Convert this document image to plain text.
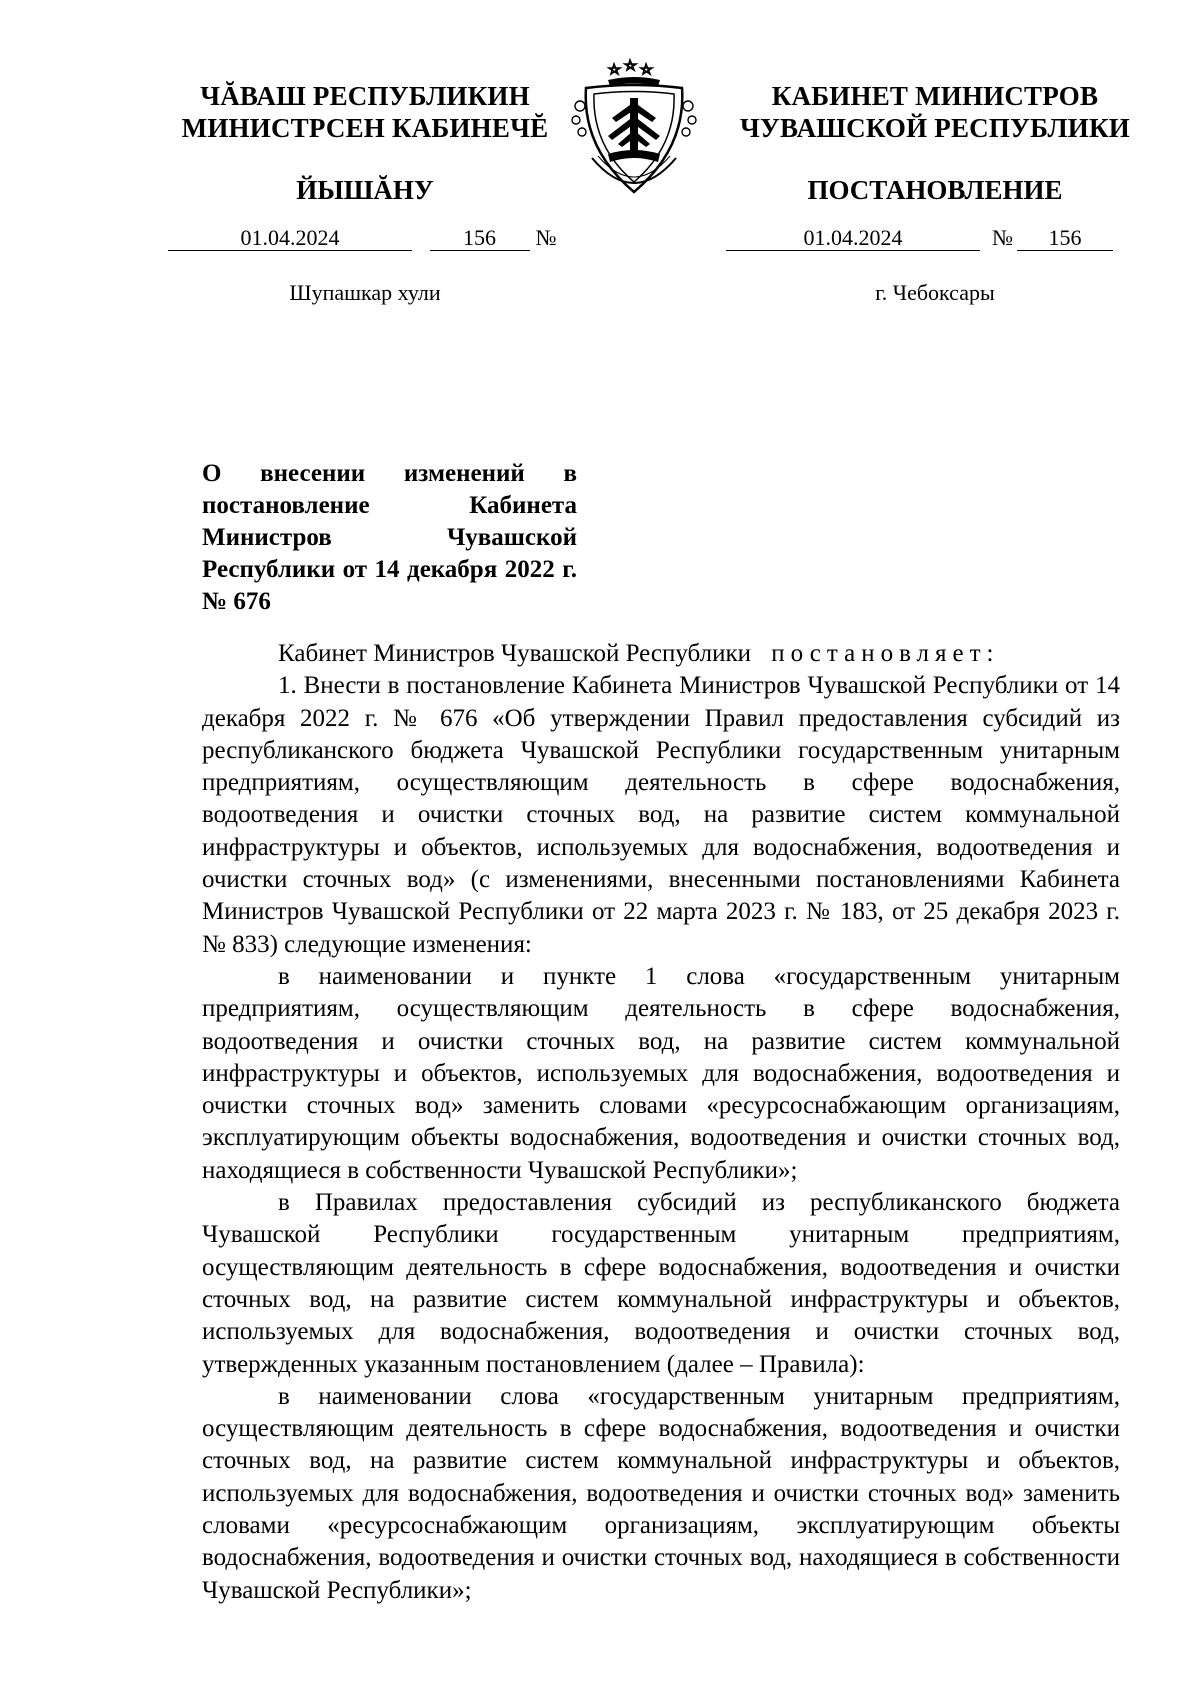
ЧĂВАШ РЕСПУБЛИКИН
МИНИСТРСЕН КАБИНЕЧĔ
ЙЫШĂНУ
КАБИНЕТ МИНИСТРОВ
ЧУВАШСКОЙ РЕСПУБЛИКИ
ПОСТАНОВЛЕНИЕ
01.04.2024	156 №	01.04.2024	№ 156
Шупашкар хули	г. Чебоксары
О внесении изменений в постановление Кабинета Министров Чувашской Республики от 14 декабря 2022 г. № 676

Кабинет Министров Чувашской Республики постановляет:

1. Внести в постановление Кабинета Министров Чувашской Республики от 14 декабря 2022 г. № 676 «Об утверждении Правил предоставления субсидий из республиканского бюджета Чувашской Республики государственным унитарным предприятиям, осуществляющим деятельность в сфере водоснабжения, водоотведения и очистки сточных вод, на развитие систем коммунальной инфраструктуры и объектов, используемых для водоснабжения, водоотведения и очистки сточных вод» (с изменениями, внесенными постановлениями Кабинета Министров Чувашской Республики от 22 марта 2023 г. № 183, от 25 декабря 2023 г. № 833) следующие изменения:

в наименовании и пункте 1 слова «государственным унитарным предприятиям, осуществляющим деятельность в сфере водоснабжения, водоотведения и очистки сточных вод, на развитие систем коммунальной инфраструктуры и объектов, используемых для водоснабжения, водоотведения и очистки сточных вод» заменить словами «ресурсоснабжающим организациям, эксплуатирующим объекты водоснабжения, водоотведения и очистки сточных вод, находящиеся в собственности Чувашской Республики»;

в Правилах предоставления субсидий из республиканского бюджета Чувашской Республики государственным унитарным предприятиям, осуществляющим деятельность в сфере водоснабжения, водоотведения и очистки сточных вод, на развитие систем коммунальной инфраструктуры и объектов, используемых для водоснабжения, водоотведения и очистки сточных вод, утвержденных указанным постановлением (далее – Правила):

в наименовании слова «государственным унитарным предприятиям, осуществляющим деятельность в сфере водоснабжения, водоотведения и очистки сточных вод, на развитие систем коммунальной инфраструктуры и объектов, используемых для водоснабжения, водоотведения и очистки сточных вод» заменить словами «ресурсоснабжающим организациям, эксплуатирующим объекты водоснабжения, водоотведения и очистки сточных вод, находящиеся в собственности Чувашской Республики»;
